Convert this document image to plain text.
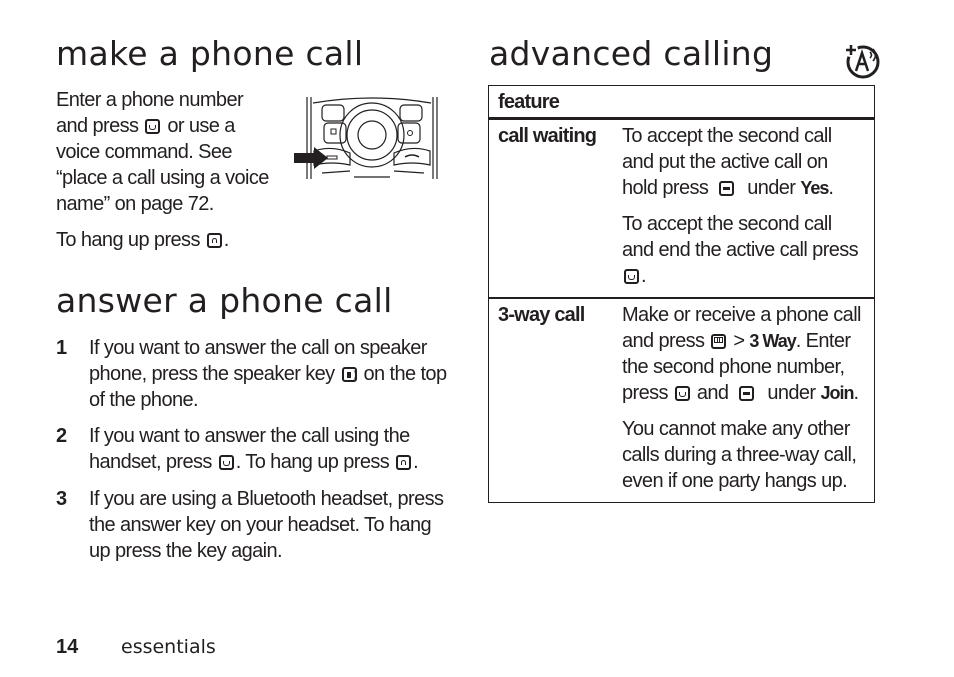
make a phone call
Enter a phone number and press  or use a voice command. See “place a call using a voice name” on page 72.
To hang up press .
answer a phone call
1 If you want to answer the call on speaker phone, press the speaker key  on the top of the phone.
2 If you want to answer the call using the handset, press . To hang up press .
3 If you are using a Bluetooth headset, press the answer key on your headset. To hang up press the key again.
advanced calling
feature	
call waiting	To accept the second call and put the active call on hold press  under Yes.

To accept the second call and end the active call press .

3-way call	Make or receive a phone call and press  > 3 Way. Enter the second phone number, press  and  under Join.

You cannot make any other calls during a three-way call, even if one party hangs up.

14 essentials
